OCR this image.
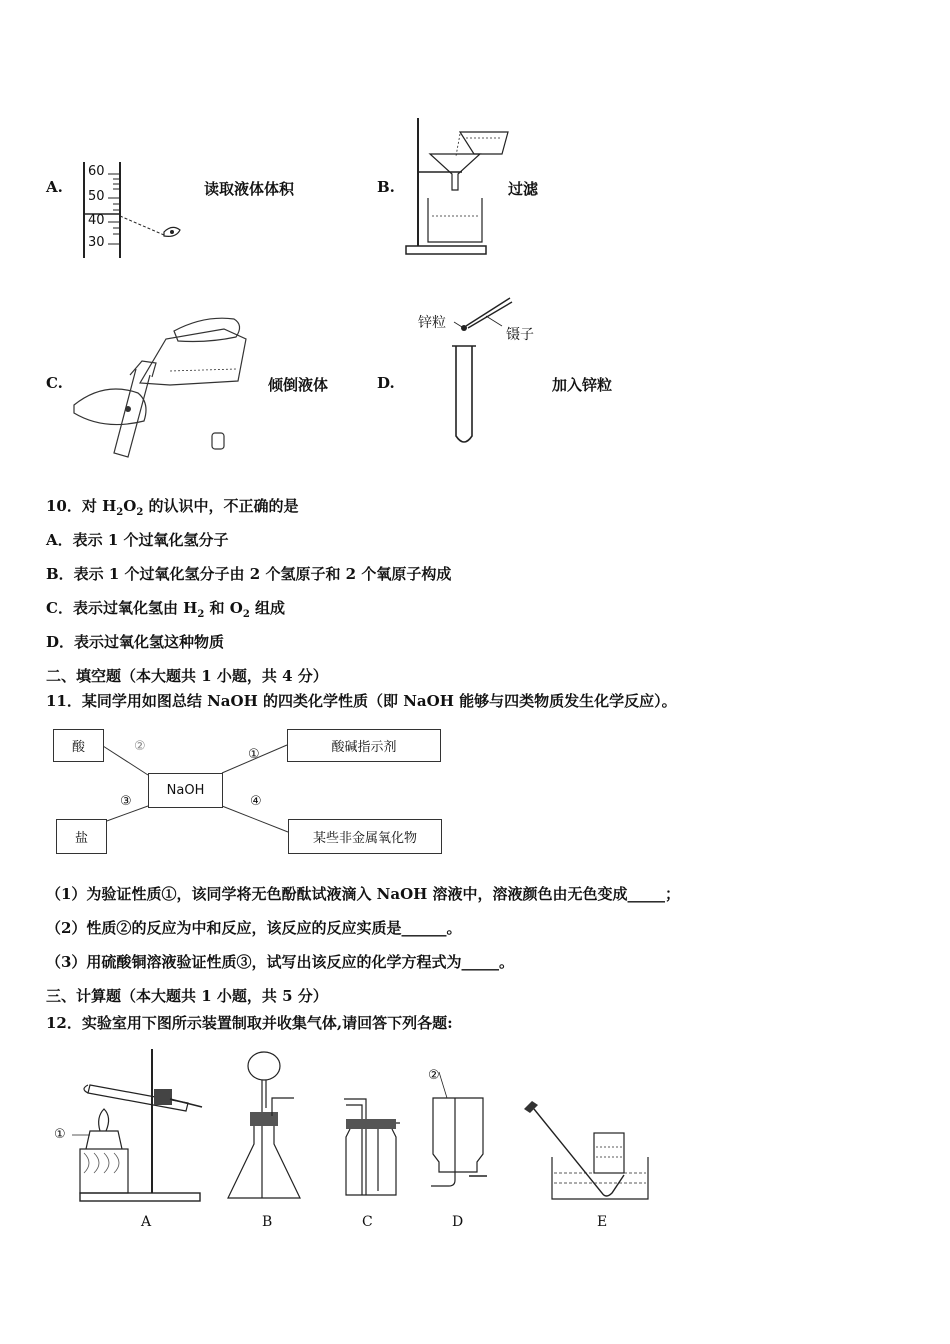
A.	读取液体体积	B.	过滤
C.	倾倒液体	D.	加入锌粒
60
50
40
30
锌粒
镊子
10．对 $H_2O_2$ 的认识中，不正确的是
A．表示 1 个过氧化氢分子
B．表示 1 个过氧化氢分子由 2 个氢原子和 2 个氧原子构成
C．表示过氧化氢由 $H_2$ 和 $O_2$ 组成
D．表示过氧化氢这种物质
二、填空题（本大题共 1 小题，共 4 分）
11．某同学用如图总结 NaOH 的四类化学性质（即 NaOH 能够与四类物质发生化学反应）。
酸	酸碱指示剂
NaOH
盐	某些非金属氧化物
②
①
③	④
（1）为验证性质①，该同学将无色酚酞试液滴入 NaOH 溶液中，溶液颜色由无色变成_____；
（2）性质②的反应为中和反应，该反应的反应实质是______。
（3）用硫酸铜溶液验证性质③，试写出该反应的化学方程式为_____。
三、计算题（本大题共 1 小题，共 5 分）
12．实验室用下图所示装置制取并收集气体,请回答下列各题:
①
A	B	C
②
D	E
